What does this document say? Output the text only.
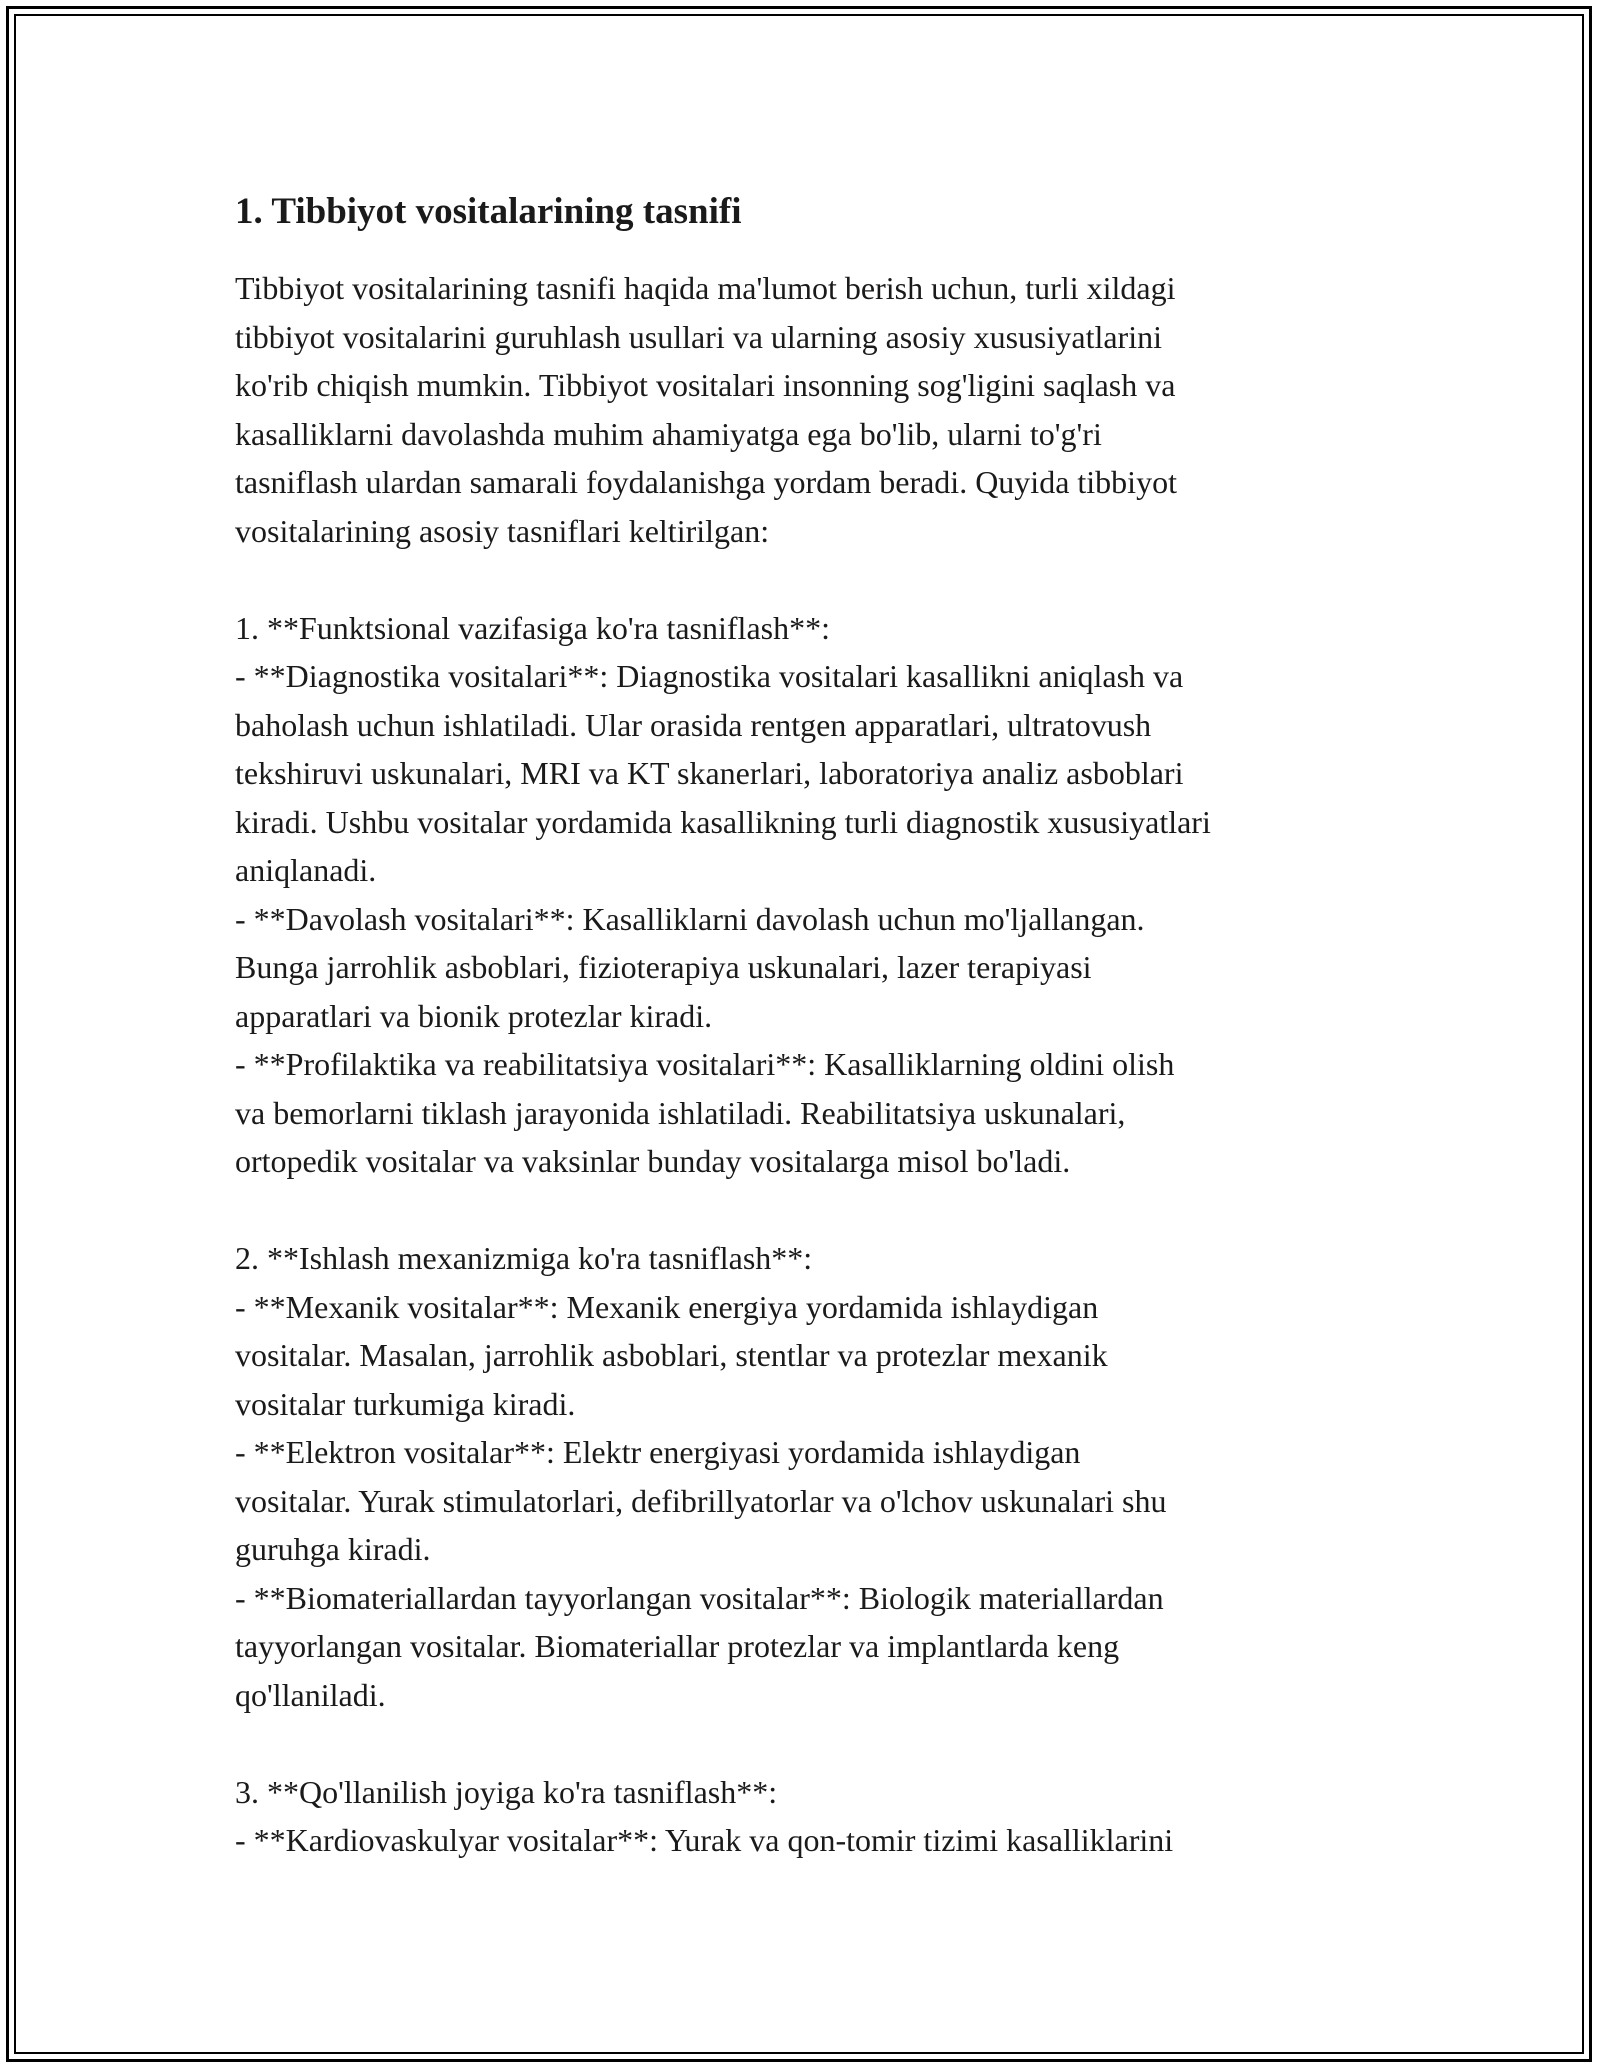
1. Tibbiyot vositalarining tasnifi

Tibbiyot vositalarining tasnifi haqida ma'lumot berish uchun, turli xildagi
tibbiyot vositalarini guruhlash usullari va ularning asosiy xususiyatlarini
ko'rib chiqish mumkin. Tibbiyot vositalari insonning sog'ligini saqlash va
kasalliklarni davolashda muhim ahamiyatga ega bo'lib, ularni to'g'ri
tasniflash ulardan samarali foydalanishga yordam beradi. Quyida tibbiyot
vositalarining asosiy tasniflari keltirilgan:

1. **Funktsional vazifasiga ko'ra tasniflash**:

- **Diagnostika vositalari**: Diagnostika vositalari kasallikni aniqlash va
baholash uchun ishlatiladi. Ular orasida rentgen apparatlari, ultratovush
tekshiruvi uskunalari, MRI va KT skanerlari, laboratoriya analiz asboblari
kiradi. Ushbu vositalar yordamida kasallikning turli diagnostik xususiyatlari
aniqlanadi.

- **Davolash vositalari**: Kasalliklarni davolash uchun mo'ljallangan.
Bunga jarrohlik asboblari, fizioterapiya uskunalari, lazer terapiyasi
apparatlari va bionik protezlar kiradi.

- **Profilaktika va reabilitatsiya vositalari**: Kasalliklarning oldini olish
va bemorlarni tiklash jarayonida ishlatiladi. Reabilitatsiya uskunalari,
ortopedik vositalar va vaksinlar bunday vositalarga misol bo'ladi.

2. **Ishlash mexanizmiga ko'ra tasniflash**:

- **Mexanik vositalar**: Mexanik energiya yordamida ishlaydigan
vositalar. Masalan, jarrohlik asboblari, stentlar va protezlar mexanik
vositalar turkumiga kiradi.

- **Elektron vositalar**: Elektr energiyasi yordamida ishlaydigan
vositalar. Yurak stimulatorlari, defibrillyatorlar va o'lchov uskunalari shu
guruhga kiradi.

- **Biomateriallardan tayyorlangan vositalar**: Biologik materiallardan
tayyorlangan vositalar. Biomateriallar protezlar va implantlarda keng
qo'llaniladi.

3. **Qo'llanilish joyiga ko'ra tasniflash**:

- **Kardiovaskulyar vositalar**: Yurak va qon-tomir tizimi kasalliklarini
